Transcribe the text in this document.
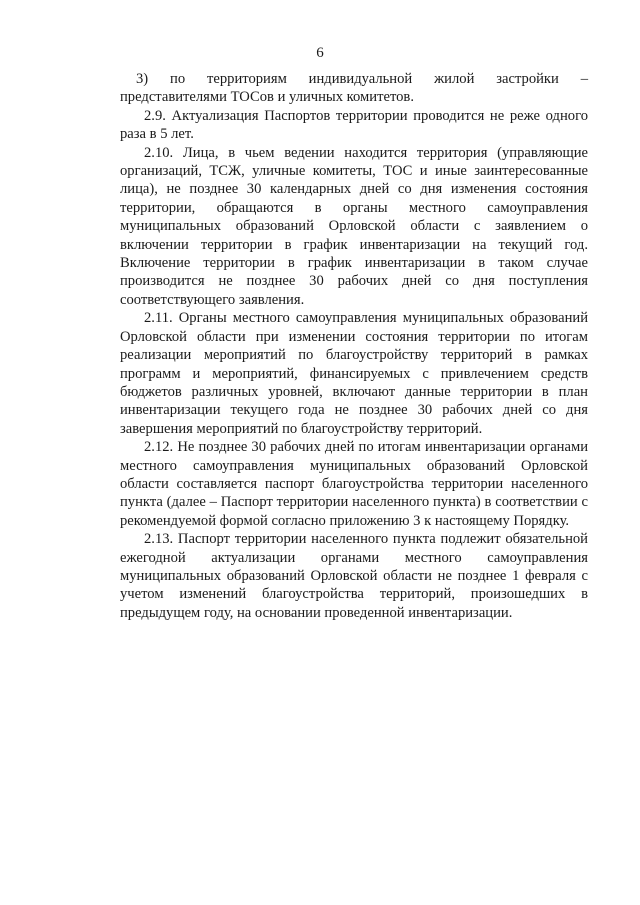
6

3) по территориям индивидуальной жилой застройки – представителями ТОСов и уличных комитетов.

2.9. Актуализация Паспортов территории проводится не реже одного раза в 5 лет.

2.10. Лица, в чьем ведении находится территория (управляющие организаций, ТСЖ, уличные комитеты, ТОС и иные заинтересованные лица), не позднее 30 календарных дней со дня изменения состояния территории, обращаются в органы местного самоуправления муниципальных образований Орловской области с заявлением о включении территории в график инвентаризации на текущий год. Включение территории в график инвентаризации в таком случае производится не позднее 30 рабочих дней со дня поступления соответствующего заявления.

2.11. Органы местного самоуправления муниципальных образований Орловской области при изменении состояния территории по итогам реализации мероприятий по благоустройству территорий в рамках программ и мероприятий, финансируемых с привлечением средств бюджетов различных уровней, включают данные территории в план инвентаризации текущего года не позднее 30 рабочих дней со дня завершения мероприятий по благоустройству территорий.

2.12. Не позднее 30 рабочих дней по итогам инвентаризации органами местного самоуправления муниципальных образований Орловской области составляется паспорт благоустройства территории населенного пункта (далее – Паспорт территории населенного пункта) в соответствии с рекомендуемой формой согласно приложению 3 к настоящему Порядку.

2.13. Паспорт территории населенного пункта подлежит обязательной ежегодной актуализации органами местного самоуправления муниципальных образований Орловской области не позднее 1 февраля с учетом изменений благоустройства территорий, произошедших в предыдущем году, на основании проведенной инвентаризации.
